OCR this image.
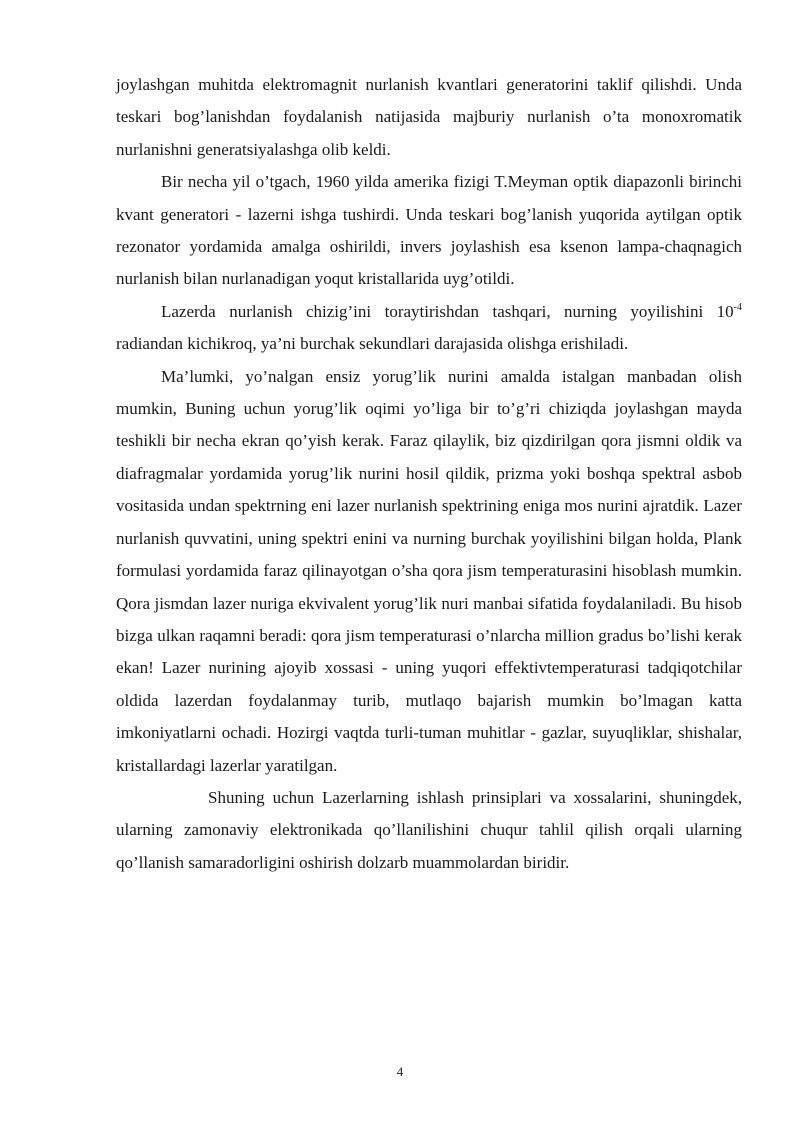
joylashgan muhitda elektromagnit nurlanish kvantlari generatorini taklif qilishdi. Unda teskari bog’lanishdan foydalanish natijasida majburiy nurlanish o’ta monoxromatik nurlanishni generatsiyalashga olib keldi.

Bir necha yil o’tgach, 1960 yilda amerika fizigi T.Meyman optik diapazonli birinchi kvant generatori - lazerni ishga tushirdi. Unda teskari bog’lanish yuqorida aytilgan optik rezonator yordamida amalga oshirildi, invers joylashish esa ksenon lampa-chaqnagich nurlanish bilan nurlanadigan yoqut kristallarida uyg’otildi.

Lazerda nurlanish chizig’ini toraytirishdan tashqari, nurning yoyilishini $10^{-4}$ radiandan kichikroq, ya’ni burchak sekundlari darajasida olishga erishiladi.

Ma’lumki, yo’nalgan ensiz yorug’lik nurini amalda istalgan manbadan olish mumkin, Buning uchun yorug’lik oqimi yo’liga bir to’g’ri chiziqda joylashgan mayda teshikli bir necha ekran qo’yish kerak. Faraz qilaylik, biz qizdirilgan qora jismni oldik va diafragmalar yordamida yorug’lik nurini hosil qildik, prizma yoki boshqa spektral asbob vositasida undan spektrning eni lazer nurlanish spektrining eniga mos nurini ajratdik. Lazer nurlanish quvvatini, uning spektri enini va nurning burchak yoyilishini bilgan holda, Plank formulasi yordamida faraz qilinayotgan o’sha qora jism temperaturasini hisoblash mumkin. Qora jismdan lazer nuriga ekvivalent yorug’lik nuri manbai sifatida foydalaniladi. Bu hisob bizga ulkan raqamni beradi: qora jism temperaturasi o’nlarcha million gradus bo’lishi kerak ekan! Lazer nurining ajoyib xossasi - uning yuqori effektivtemperaturasi tadqiqotchilar oldida lazerdan foydalanmay turib, mutlaqo bajarish mumkin bo’lmagan katta imkoniyatlarni ochadi. Hozirgi vaqtda turli-tuman muhitlar - gazlar, suyuqliklar, shishalar, kristallardagi lazerlar yaratilgan.

Shuning uchun Lazerlarning ishlash prinsiplari va xossalarini, shuningdek, ularning zamonaviy elektronikada qo’llanilishini chuqur tahlil qilish orqali ularning qo’llanish samaradorligini oshirish dolzarb muammolardan biridir.

4
